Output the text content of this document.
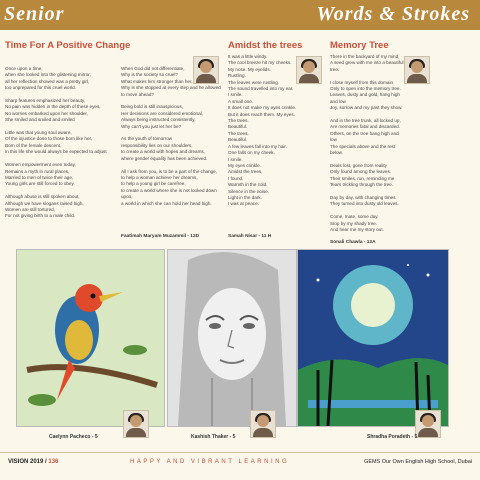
Senior	Words & Strokes
Time For A Positive Change
Once upon a time,
when she looked into the glistening mirror,
all her reflection showed was a pretty girl,
too unprepared for this cruel world.

Sharp features emphasized her beauty,
No pain was hidden in the depth of these eyes,
No worries embarked upon her shoulder,
She smiled and smiled and smiled

Little was that young soul aware,
Of the injustice done to those born like her,
Born of the female descent,
In this life she would always be expected to adjust

Women empowerment even today,
Remains a myth in rural places,
Married to men of twice their age,
Young girls are still forced to obey.

Although abuse is still spoken about,
Although we have slogans raised high,
Women are still tortured,
For not giving birth to a male child.
When God did not differentiate,
Why is the society so cruel?
What makes him stronger than her,
Why is she stopped at every step and he allowed to move ahead?

Being bold is still inauspicious,
Her decisions are considered emotional,
Always being instructed consistently,
Why can't you just let her be?

As the youth of tomorrow
responsibility lies on our shoulders,
to create a world with hopes and dreams,
where gender equality has been achieved.

All I ask from you, is to be a part of the change,
to help a woman achieve her dreams,
to help a young girl be carefree,
to create a world where she is not looked down upon,
a world in which she can hold her head high.
Faatimah Maryam Muzammil - 12D
Amidst the trees
It was a little windy.
The cool breeze hit my cheeks.
My nose. My eyelids.
Rustling.
The leaves were rustling.
The sound travelled into my ear.
I smile.
A small one.
It does not make my eyes crinkle.
But it does reach them. My eyes.
The trees.
Beautiful.
The trees.
Beautiful.
A few leaves fall into my hair.
One falls on my cheek.
I smile.
My eyes crinkle.
Amidst the trees,
I found.
Warmth in the cold.
Silence in the noise.
Light in the dark.
I was at peace.
Samah Nisar - 11 H
Memory Tree
There in the backyard of my mind,
A seed grew with me into a beautiful tree.

I close myself from this domain
Only to open into the memory tree.
Leaves, dusty and gold, hang high and low
Joy, sorrow and my past they show.

And in the tree trunk, all locked up,
Are memories fatal and discarded.
Others, on the tree hang high and low
The specials above and the rest below.

Deals lost, gone from reality
Only found among the leaves.
Their smiles, run, reminding me
Tears trickling through the tree.

Day by day, with changing times
They turned into dusty old leaves.

Come, mate, some day.
Stop by my shady tree.
And hear me my story out.
Sonali Chawla - 12A
Caelynn Pacheco - 5	Kashish Thaker - 5	Shradha Poradeth - 5
VISION 2019 / 136	HAPPY AND VIBRANT LEARNING	GEMS Our Own English High School, Dubai
